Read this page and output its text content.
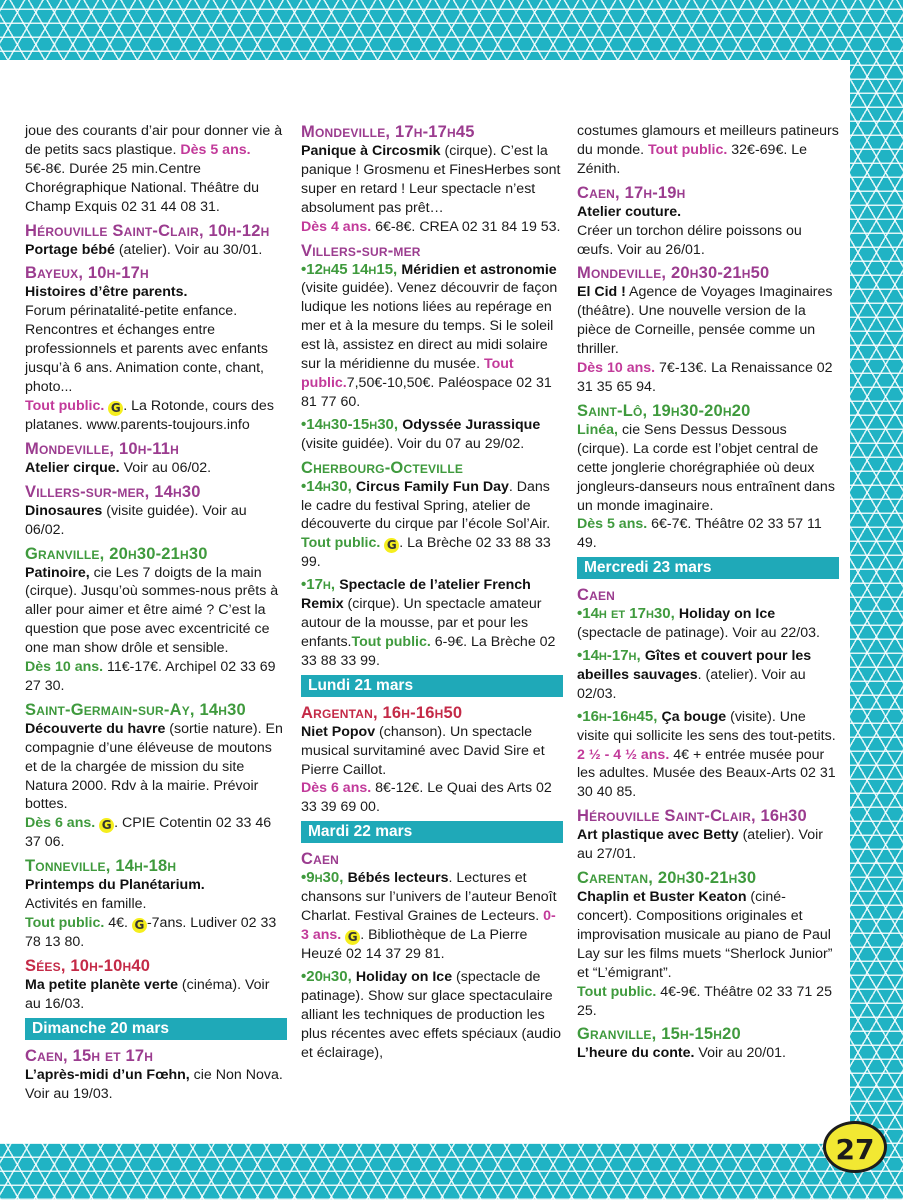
joue des courants d’air pour donner vie à de petits sacs plastique. Dès 5 ans. 5€-8€. Durée 25 min.Centre Chorégraphique National. Théâtre du Champ Exquis 02 31 44 08 31.
Hérouville Saint-Clair, 10h-12h
Portage bébé (atelier). Voir au 30/01.
Bayeux, 10h-17h
Histoires d’être parents.
Forum périnatalité-petite enfance. Rencontres et échanges entre professionnels et parents avec enfants jusqu’à 6 ans. Animation conte, chant, photo...
Tout public. G . La Rotonde, cours des platanes. www.parents-toujours.info
Mondeville, 10h-11h
Atelier cirque. Voir au 06/02.
Villers-sur-mer, 14h30
Dinosaures (visite guidée). Voir au 06/02.
Granville, 20h30-21h30
Patinoire, cie Les 7 doigts de la main (cirque). Jusqu’où sommes-nous prêts à aller pour aimer et être aimé ? C’est la question que pose avec excentricité ce one man show drôle et sensible.
Dès 10 ans. 11€-17€. Archipel 02 33 69 27 30.
Saint-Germain-sur-Ay, 14h30
Découverte du havre (sortie nature). En compagnie d’une éléveuse de moutons et de la chargée de mission du site Natura 2000. Rdv à la mairie. Prévoir bottes.
Dès 6 ans. G . CPIE Cotentin 02 33 46 37 06.
Tonneville, 14h-18h
Printemps du Planétarium.
Activités en famille.
Tout public. 4€. G -7ans. Ludiver 02 33 78 13 80.
Sées, 10h-10h40
Ma petite planète verte (cinéma). Voir au 16/03.
Dimanche 20 mars
Caen, 15h et 17h
L’après-midi d’un Fœhn, cie Non Nova. Voir au 19/03.
Mondeville, 17h-17h45
Panique à Circosmik (cirque). C’est la panique ! Grosmenu et FinesHerbes sont super en retard ! Leur spectacle n’est absolument pas prêt…
Dès 4 ans. 6€-8€. CREA 02 31 84 19 53.
Villers-sur-mer
•12h45 14h15, Méridien et astronomie (visite guidée). Venez découvrir de façon ludique les notions liées au repérage en mer et à la mesure du temps. Si le soleil est là, assistez en direct au midi solaire sur la méridienne du musée. Tout public.7,50€-10,50€. Paléospace 02 31 81 77 60.
•14h30-15h30, Odyssée Jurassique (visite guidée). Voir du 07 au 29/02.
Cherbourg-Octeville
•14h30, Circus Family Fun Day. Dans le cadre du festival Spring, atelier de découverte du cirque par l’école Sol’Air. Tout public. G . La Brèche 02 33 88 33 99.
•17h, Spectacle de l’atelier French Remix (cirque). Un spectacle amateur autour de la mousse, par et pour les enfants.Tout public. 6-9€. La Brèche 02 33 88 33 99.
Lundi 21 mars
Argentan, 16h-16h50
Niet Popov (chanson). Un spectacle musical survitaminé avec David Sire et Pierre Caillot.
Dès 6 ans. 8€-12€. Le Quai des Arts 02 33 39 69 00.
Mardi 22 mars
Caen
•9h30, Bébés lecteurs. Lectures et chansons sur l’univers de l’auteur Benoît Charlat. Festival Graines de Lecteurs. 0-3 ans. G . Bibliothèque de La Pierre Heuzé 02 14 37 29 81.
•20h30, Holiday on Ice (spectacle de patinage). Show sur glace spectaculaire alliant les techniques de production les plus récentes avec effets spéciaux (audio et éclairage),
costumes glamours et meilleurs patineurs du monde. Tout public. 32€-69€. Le Zénith.
Caen, 17h-19h
Atelier couture.
Créer un torchon délire poissons ou œufs. Voir au 26/01.
Mondeville, 20h30-21h50
El Cid ! Agence de Voyages Imaginaires (théâtre). Une nouvelle version de la pièce de Corneille, pensée comme un thriller.
Dès 10 ans. 7€-13€. La Renaissance 02 31 35 65 94.
Saint-Lô, 19h30-20h20
Linéa, cie Sens Dessus Dessous (cirque). La corde est l’objet central de cette jonglerie chorégraphiée où deux jongleurs-danseurs nous entraînent dans un monde imaginaire.
Dès 5 ans. 6€-7€. Théâtre 02 33 57 11 49.
Mercredi 23 mars
Caen
•14h et 17h30, Holiday on Ice (spectacle de patinage). Voir au 22/03.
•14h-17h, Gîtes et couvert pour les abeilles sauvages. (atelier). Voir au 02/03.
•16h-16h45, Ça bouge (visite). Une visite qui sollicite les sens des tout-petits. 2 ½ - 4 ½ ans. 4€ + entrée musée pour les adultes. Musée des Beaux-Arts 02 31 30 40 85.
Hérouville Saint-Clair, 16h30
Art plastique avec Betty (atelier). Voir au 27/01.
Carentan, 20h30-21h30
Chaplin et Buster Keaton (ciné-concert). Compositions originales et improvisation musicale au piano de Paul Lay sur les films muets “Sherlock Junior” et “L’émigrant”.
Tout public. 4€-9€. Théâtre 02 33 71 25 25.
Granville, 15h-15h20
L’heure du conte. Voir au 20/01.
27
